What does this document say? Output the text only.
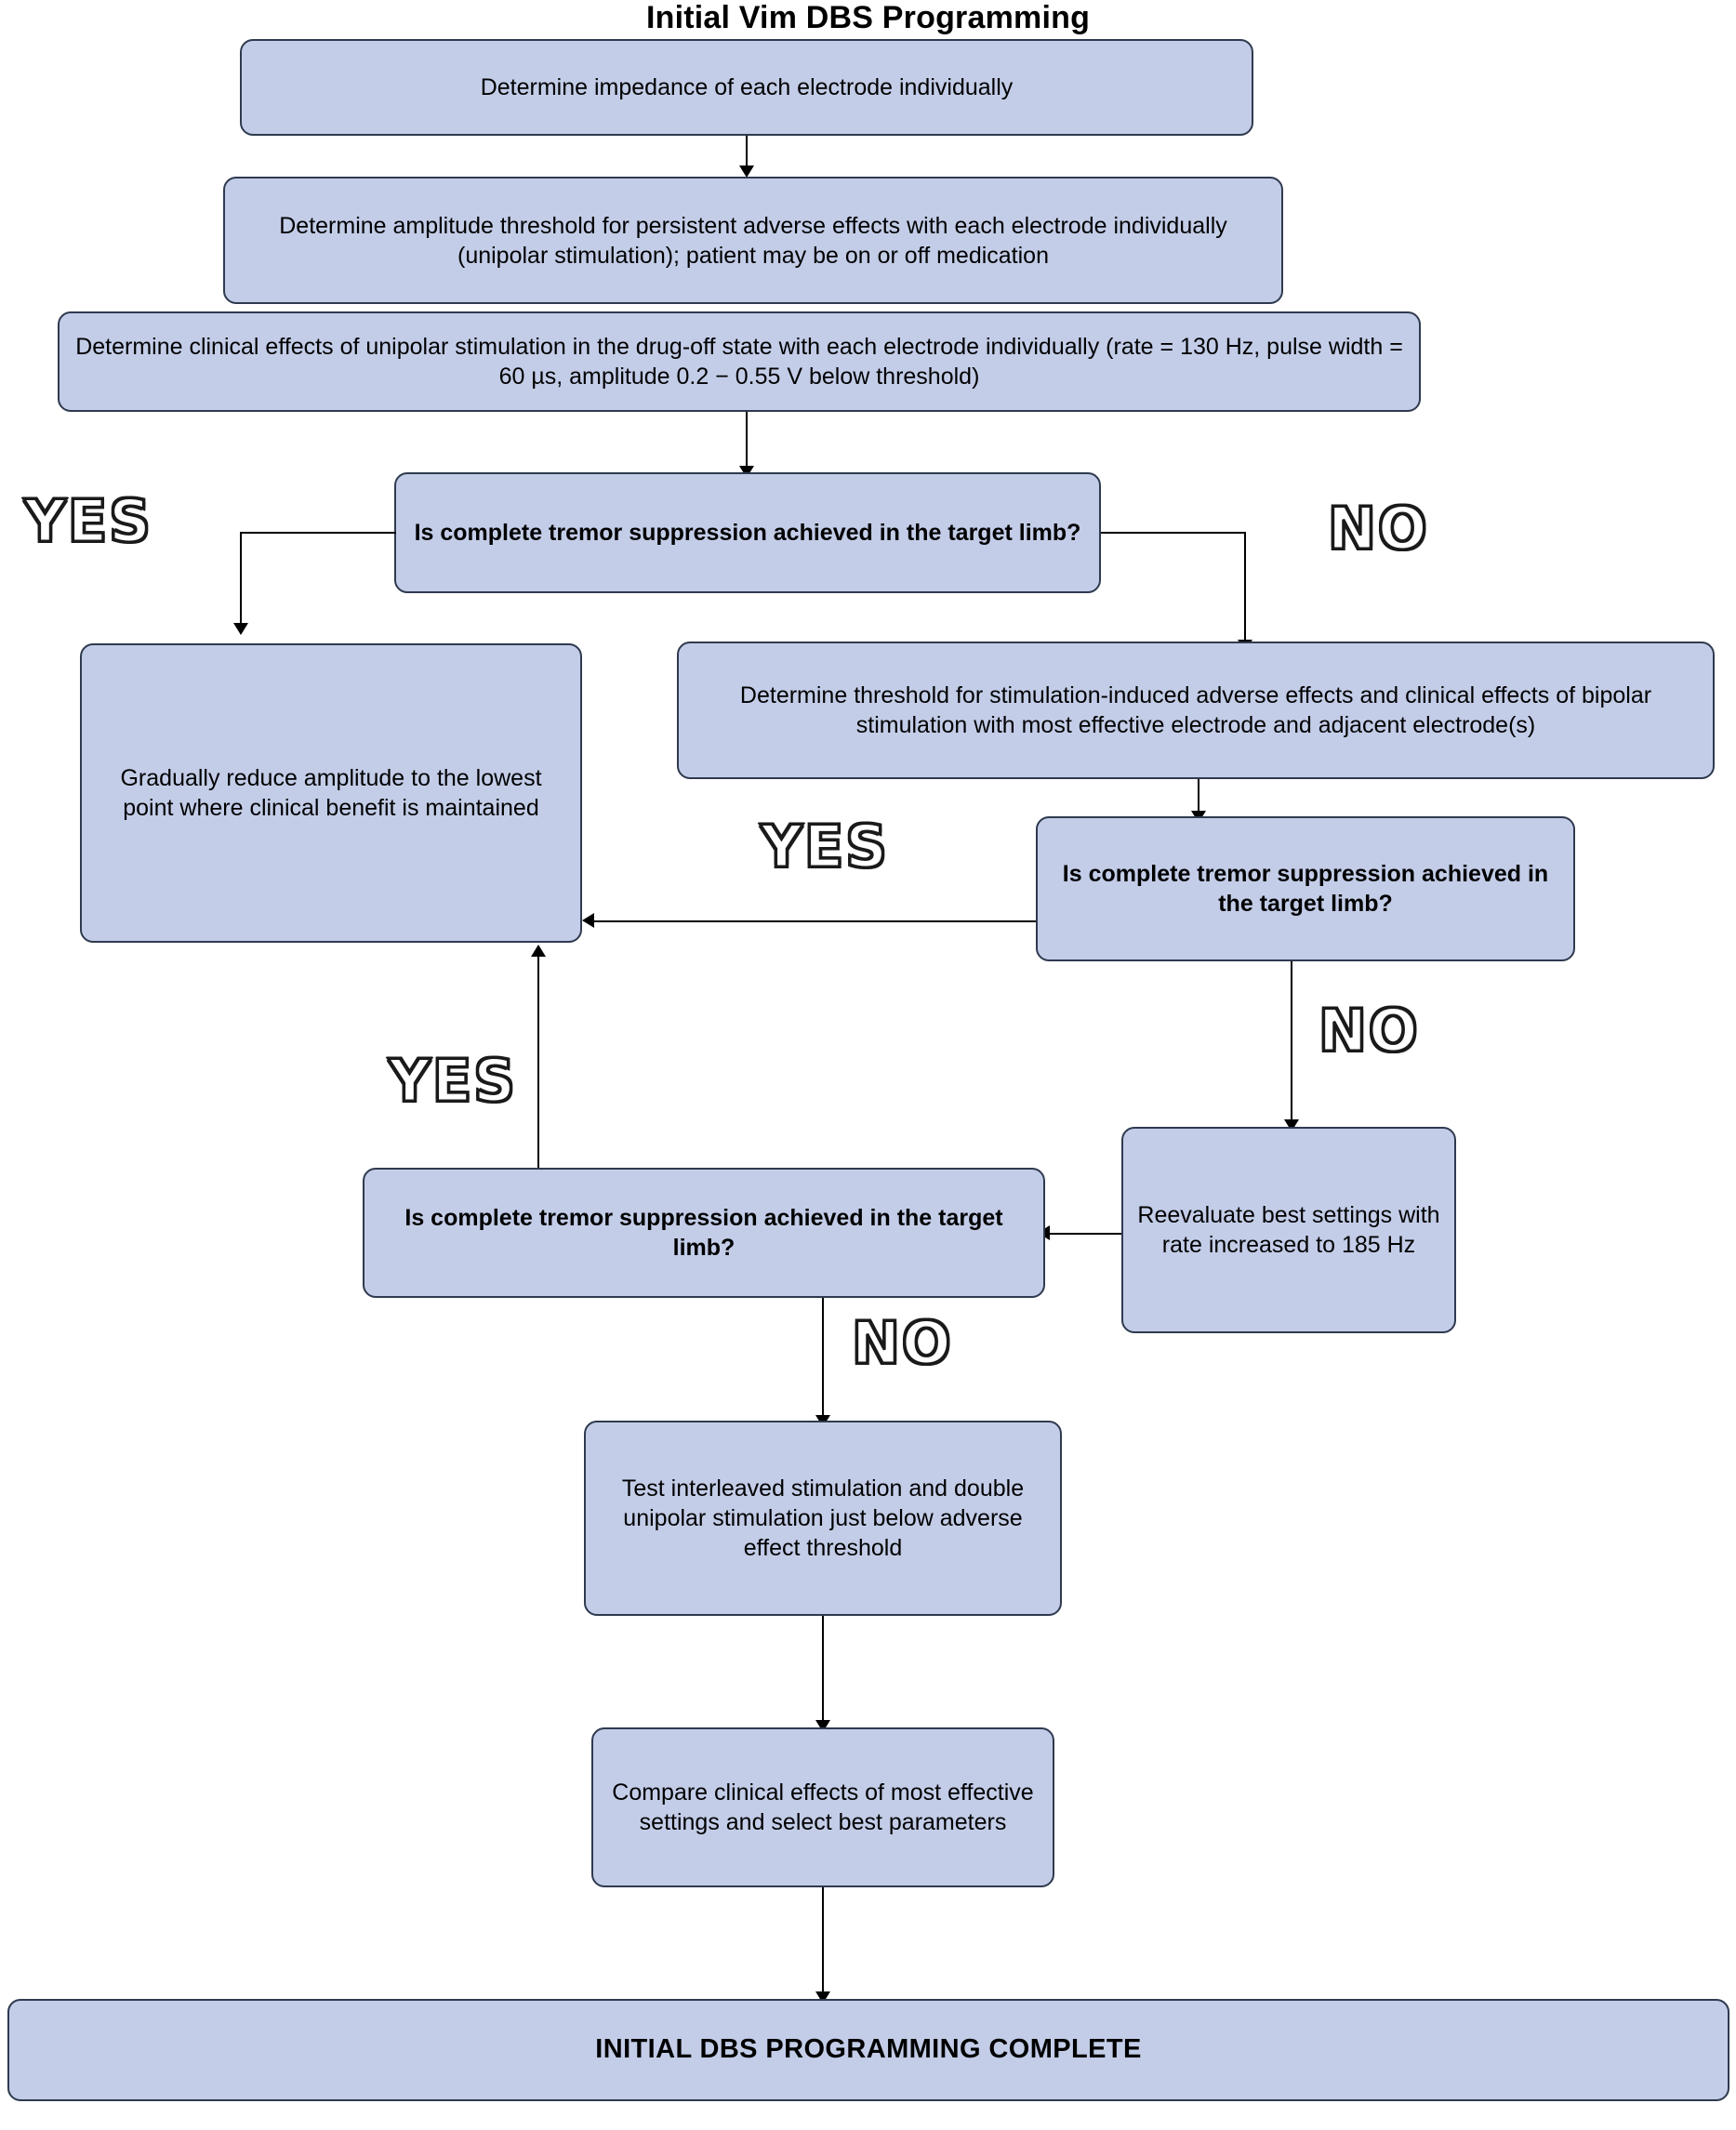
Initial Vim DBS Programming
Determine impedance of each electrode individually
Determine amplitude threshold for persistent adverse effects with each electrode individually (unipolar stimulation); patient may be on or off medication
Determine clinical effects of unipolar stimulation in the drug-off state with each electrode individually (rate = 130 Hz, pulse width = 60 µs, amplitude 0.2 − 0.55 V below threshold)
Is complete tremor suppression achieved in the target limb?
YES	NO
Gradually reduce amplitude to the lowest point where clinical benefit is maintained
Determine threshold for stimulation-induced adverse effects and clinical effects of bipolar stimulation with most effective electrode and adjacent electrode(s)
Is complete tremor suppression achieved in the target limb?
YES
NO
Reevaluate best settings with rate increased to 185 Hz
Is complete tremor suppression achieved in the target limb?
YES
NO
Test interleaved stimulation and double unipolar stimulation just below adverse effect threshold
Compare clinical effects of most effective settings and select best parameters
INITIAL DBS PROGRAMMING COMPLETE
